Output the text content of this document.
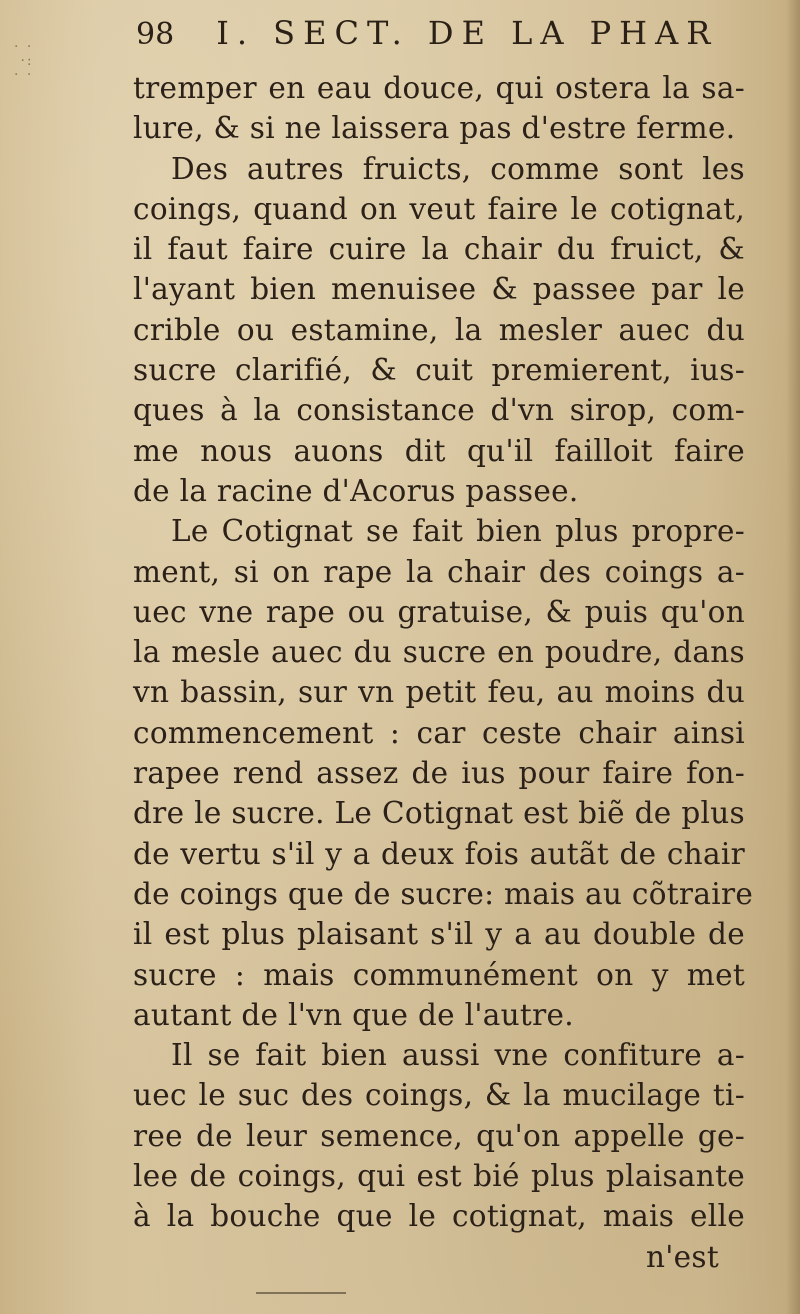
· ·
·:
· ·
98 I. SECT. DE LA PHAR
tremper en eau douce, qui ostera la sa-
lure, & si ne laissera pas d'estre ferme.
Des autres fruicts, comme sont les
coings, quand on veut faire le cotignat,
il faut faire cuire la chair du fruict, &
l'ayant bien menuisee & passee par le
crible ou estamine, la mesler auec du
sucre clarifié, & cuit premierent, ius-
ques à la consistance d'vn sirop, com-
me nous auons dit qu'il failloit faire
de la racine d'Acorus passee.
Le Cotignat se fait bien plus propre-
ment, si on rape la chair des coings a-
uec vne rape ou gratuise, & puis qu'on
la mesle auec du sucre en poudre, dans
vn bassin, sur vn petit feu, au moins du
commencement : car ceste chair ainsi
rapee rend assez de ius pour faire fon-
dre le sucre. Le Cotignat est biẽ de plus
de vertu s'il y a deux fois autãt de chair
de coings que de sucre: mais au cõtraire
il est plus plaisant s'il y a au double de
sucre : mais communément on y met
autant de l'vn que de l'autre.
Il se fait bien aussi vne confiture a-
uec le suc des coings, & la mucilage ti-
ree de leur semence, qu'on appelle ge-
lee de coings, qui est bié plus plaisante
à la bouche que le cotignat, mais elle
n'est
